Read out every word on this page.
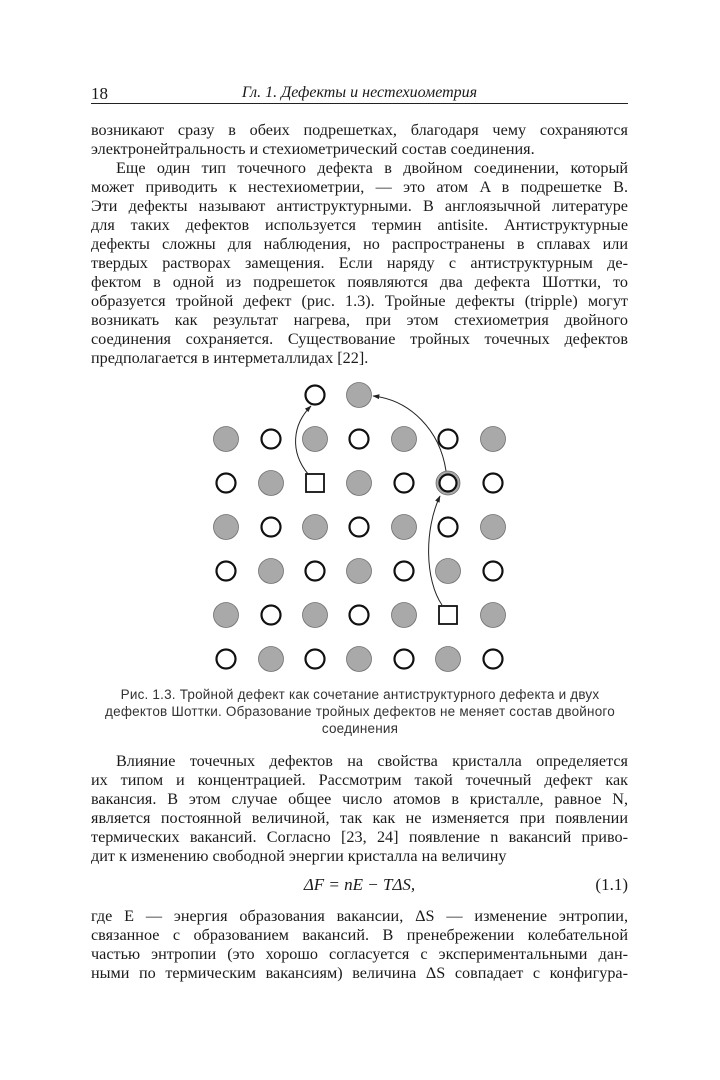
18	Гл. 1. Дефекты и нестехиометрия
возникают сразу в обеих подрешетках, благодаря чему сохраняются
электронейтральность и стехиометрический состав соединения.
Еще один тип точечного дефекта в двойном соединении, который
может приводить к нестехиометрии, — это атом A в подрешетке B.
Эти дефекты называют антиструктурными. В англоязычной литературе
для таких дефектов используется термин antisite. Антиструктурные
дефекты сложны для наблюдения, но распространены в сплавах или
твердых растворах замещения. Если наряду с антиструктурным де-
фектом в одной из подрешеток появляются два дефекта Шоттки, то
образуется тройной дефект (рис. 1.3). Тройные дефекты (tripple) могут
возникать как результат нагрева, при этом стехиометрия двойного
соединения сохраняется. Существование тройных точечных дефектов
предполагается в интерметаллидах [22].
Рис. 1.3. Тройной дефект как сочетание антиструктурного дефекта и двух
дефектов Шоттки. Образование тройных дефектов не меняет состав двойного
соединения
Влияние точечных дефектов на свойства кристалла определяется
их типом и концентрацией. Рассмотрим такой точечный дефект как
вакансия. В этом случае общее число атомов в кристалле, равное N,
является постоянной величиной, так как не изменяется при появлении
термических вакансий. Согласно [23, 24] появление n вакансий приво-
дит к изменению свободной энергии кристалла на величину
ΔF = nE − TΔS,	(1.1)
где E — энергия образования вакансии, ΔS — изменение энтропии,
связанное с образованием вакансий. В пренебрежении колебательной
частью энтропии (это хорошо согласуется с экспериментальными дан-
ными по термическим вакансиям) величина ΔS совпадает с конфигура-
